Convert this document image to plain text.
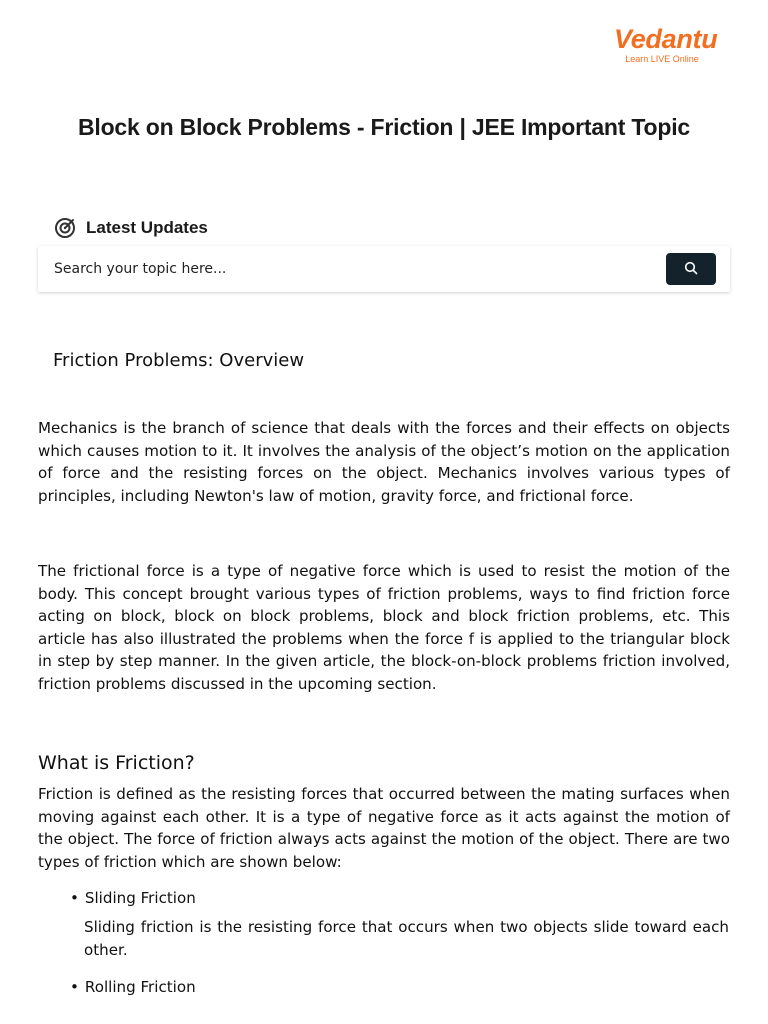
Vedantu
Learn LIVE Online
Block on Block Problems - Friction | JEE Important Topic
Latest Updates
Search your topic here...
Friction Problems: Overview

Mechanics is the branch of science that deals with the forces and their effects on objects which causes motion to it. It involves the analysis of the object’s motion on the application of force and the resisting forces on the object. Mechanics involves various types of principles, including Newton's law of motion, gravity force, and frictional force.

The frictional force is a type of negative force which is used to resist the motion of the body. This concept brought various types of friction problems, ways to find friction force acting on block, block on block problems, block and block friction problems, etc. This article has also illustrated the problems when the force f is applied to the triangular block in step by step manner. In the given article, the block-on-block problems friction involved, friction problems discussed in the upcoming section.

What is Friction?

Friction is defined as the resisting forces that occurred between the mating surfaces when moving against each other. It is a type of negative force as it acts against the motion of the object. The force of friction always acts against the motion of the object. There are two types of friction which are shown below:

• Sliding Friction

Sliding friction is the resisting force that occurs when two objects slide toward each other.

• Rolling Friction
